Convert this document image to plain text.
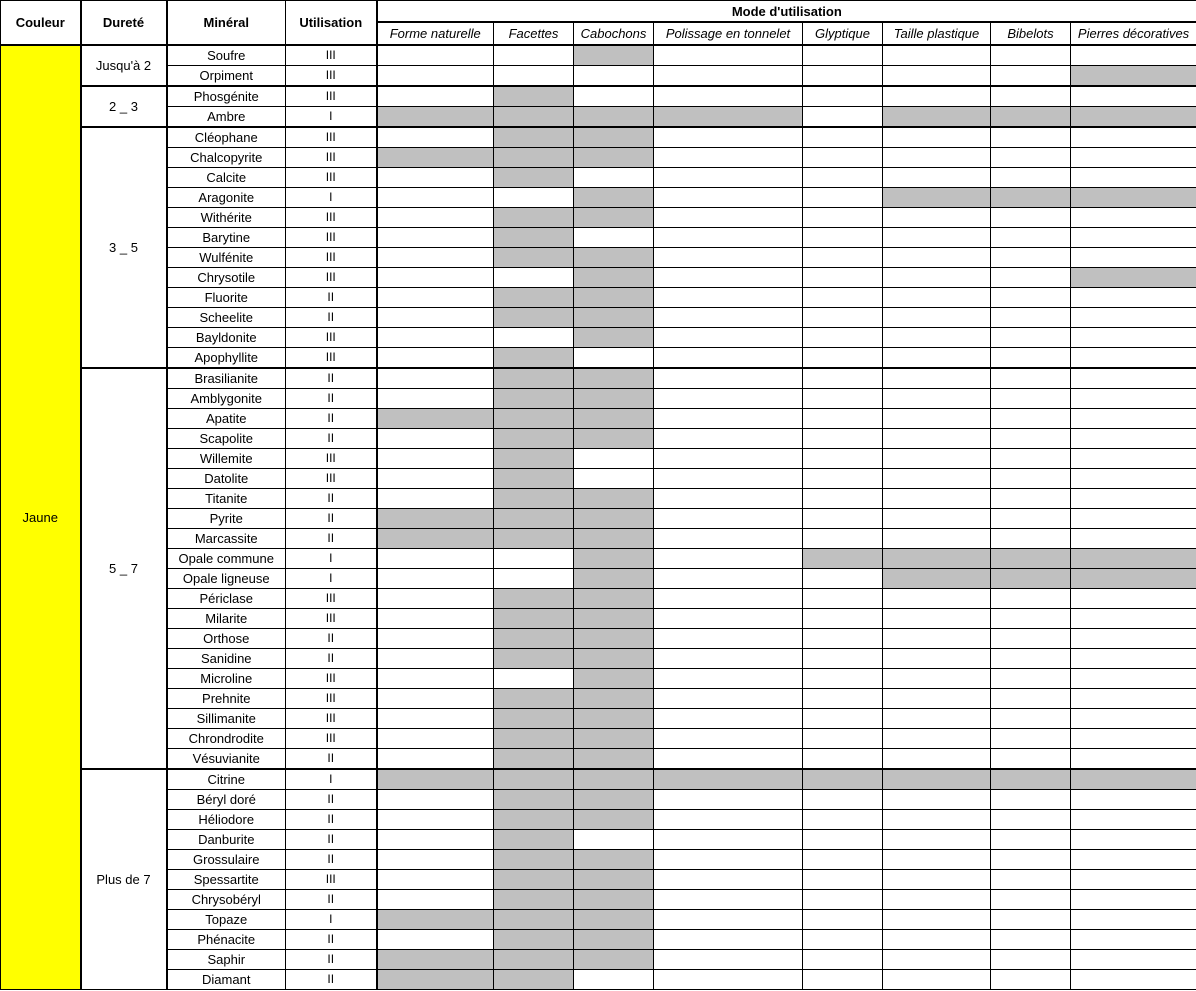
Couleur	Dureté	Minéral	Utilisation	Mode d'utilisation							
				Forme naturelle	Facettes	Cabochons	Polissage en tonnelet	Glyptique	Taille plastique	Bibelots	Pierres décoratives
Jaune	Jusqu'à 2	Soufre	III								
		Orpiment	III								
	2 _ 3	Phosgénite	III								
		Ambre	I								
	3 _ 5	Cléophane	III								
		Chalcopyrite	III								
		Calcite	III								
		Aragonite	I								
		Withérite	III								
		Barytine	III								
		Wulfénite	III								
		Chrysotile	III								
		Fluorite	II								
		Scheelite	II								
		Bayldonite	III								
		Apophyllite	III								
	5 _ 7	Brasilianite	II								
		Amblygonite	II								
		Apatite	II								
		Scapolite	II								
		Willemite	III								
		Datolite	III								
		Titanite	II								
		Pyrite	II								
		Marcassite	II								
		Opale commune	I								
		Opale ligneuse	I								
		Périclase	III								
		Milarite	III								
		Orthose	II								
		Sanidine	II								
		Microline	III								
		Prehnite	III								
		Sillimanite	III								
		Chrondrodite	III								
		Vésuvianite	II								
	Plus de 7	Citrine	I								
		Béryl doré	II								
		Héliodore	II								
		Danburite	II								
		Grossulaire	II								
		Spessartite	III								
		Chrysobéryl	II								
		Topaze	I								
		Phénacite	II								
		Saphir	II								
		Diamant	II								
